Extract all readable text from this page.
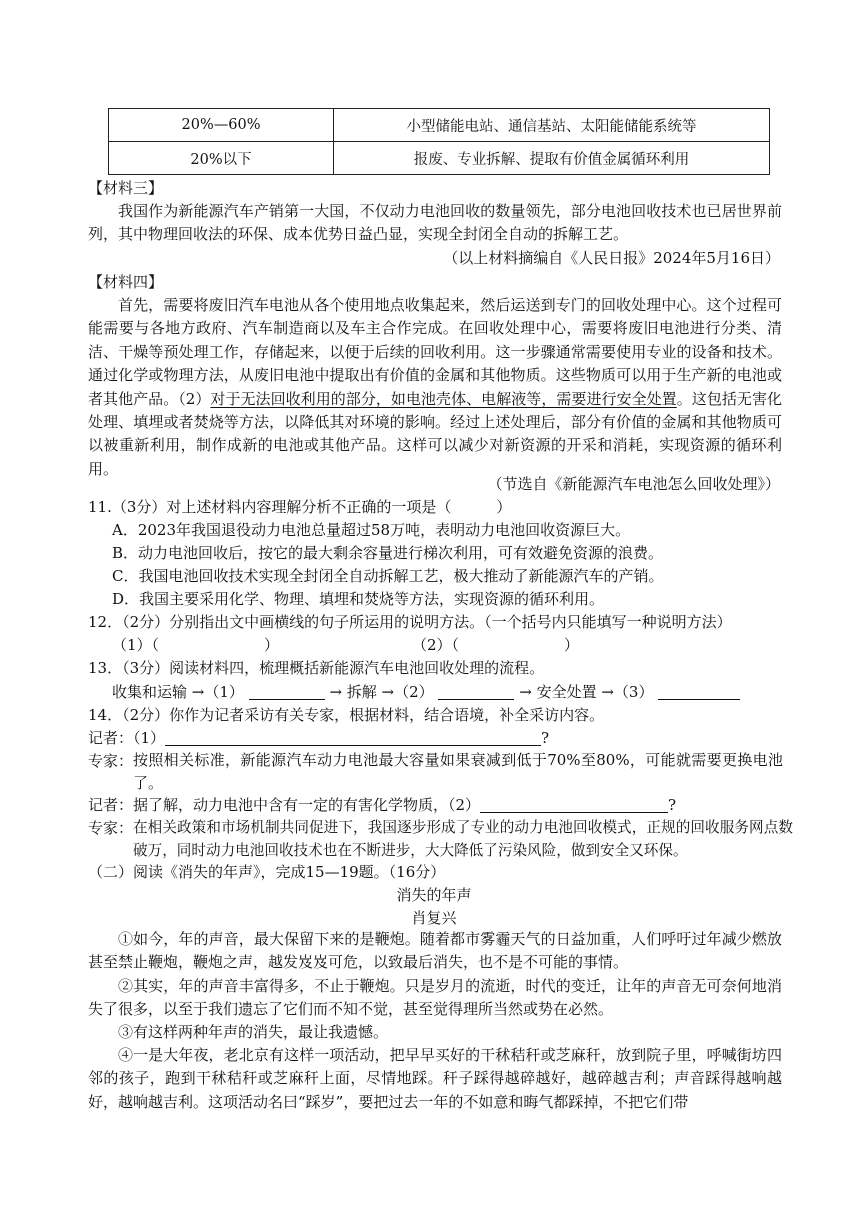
20%—60%	小型储能电站、通信基站、太阳能储能系统等
20%以下	报废、专业拆解、提取有价值金属循环利用
【材料三】
我国作为新能源汽车产销第一大国，不仅动力电池回收的数量领先，部分电池回收技术也已居世界前列，其中物理回收法的环保、成本优势日益凸显，实现全封闭全自动的拆解工艺。
（以上材料摘编自《人民日报》2024年5月16日）
【材料四】
首先，需要将废旧汽车电池从各个使用地点收集起来，然后运送到专门的回收处理中心。这个过程可能需要与各地方政府、汽车制造商以及车主合作完成。在回收处理中心，需要将废旧电池进行分类、清洁、干燥等预处理工作，存储起来，以便于后续的回收利用。这一步骤通常需要使用专业的设备和技术。通过化学或物理方法，从废旧电池中提取出有价值的金属和其他物质。这些物质可以用于生产新的电池或者其他产品。（2）对于无法回收利用的部分，如电池壳体、电解液等，需要进行安全处置。这包括无害化处理、填埋或者焚烧等方法，以降低其对环境的影响。经过上述处理后，部分有价值的金属和其他物质可以被重新利用，制作成新的电池或其他产品。这样可以减少对新资源的开采和消耗，实现资源的循环利用。
（节选自《新能源汽车电池怎么回收处理》）
11.（3分）对上述材料内容理解分析不正确的一项是（　　　）
A．2023年我国退役动力电池总量超过58万吨，表明动力电池回收资源巨大。
B．动力电池回收后，按它的最大剩余容量进行梯次利用，可有效避免资源的浪费。
C．我国电池回收技术实现全封闭全自动拆解工艺，极大推动了新能源汽车的产销。
D．我国主要采用化学、物理、填埋和焚烧等方法，实现资源的循环利用。
12．（2分）分别指出文中画横线的句子所运用的说明方法。（一个括号内只能填写一种说明方法）
（1）（　　　　　　　）	（2）（　　　　　　　）
13．（3分）阅读材料四，梳理概括新能源汽车电池回收处理的流程。
收集和运输 →（1）	→ 拆解 →（2）	→ 安全处置 →（3）
14．（2分）你作为记者采访有关专家，根据材料，结合语境，补全采访内容。
记者：（1）	?
专家： 按照相关标准，新能源汽车动力电池最大容量如果衰减到低于70%至80%，可能就需要更换电池了。
记者：据了解，动力电池中含有一定的有害化学物质，（2）	?
专家： 在相关政策和市场机制共同促进下，我国逐步形成了专业的动力电池回收模式，正规的回收服务网点数破万，同时动力电池回收技术也在不断进步，大大降低了污染风险，做到安全又环保。
（二）阅读《消失的年声》，完成15—19题。（16分）
消失的年声
肖复兴
①如今，年的声音，最大保留下来的是鞭炮。随着都市雾霾天气的日益加重，人们呼吁过年减少燃放甚至禁止鞭炮，鞭炮之声，越发岌岌可危，以致最后消失，也不是不可能的事情。
②其实，年的声音丰富得多，不止于鞭炮。只是岁月的流逝，时代的变迁，让年的声音无可奈何地消失了很多，以至于我们遗忘了它们而不知不觉，甚至觉得理所当然或势在必然。
③有这样两种年声的消失，最让我遗憾。
④一是大年夜，老北京有这样一项活动，把早早买好的干秫秸秆或芝麻秆，放到院子里，呼喊街坊四邻的孩子，跑到干秫秸秆或芝麻秆上面，尽情地踩。秆子踩得越碎越好，越碎越吉利；声音踩得越响越好，越响越吉利。这项活动名曰“踩岁”，要把过去一年的不如意和晦气都踩掉，不把它们带
